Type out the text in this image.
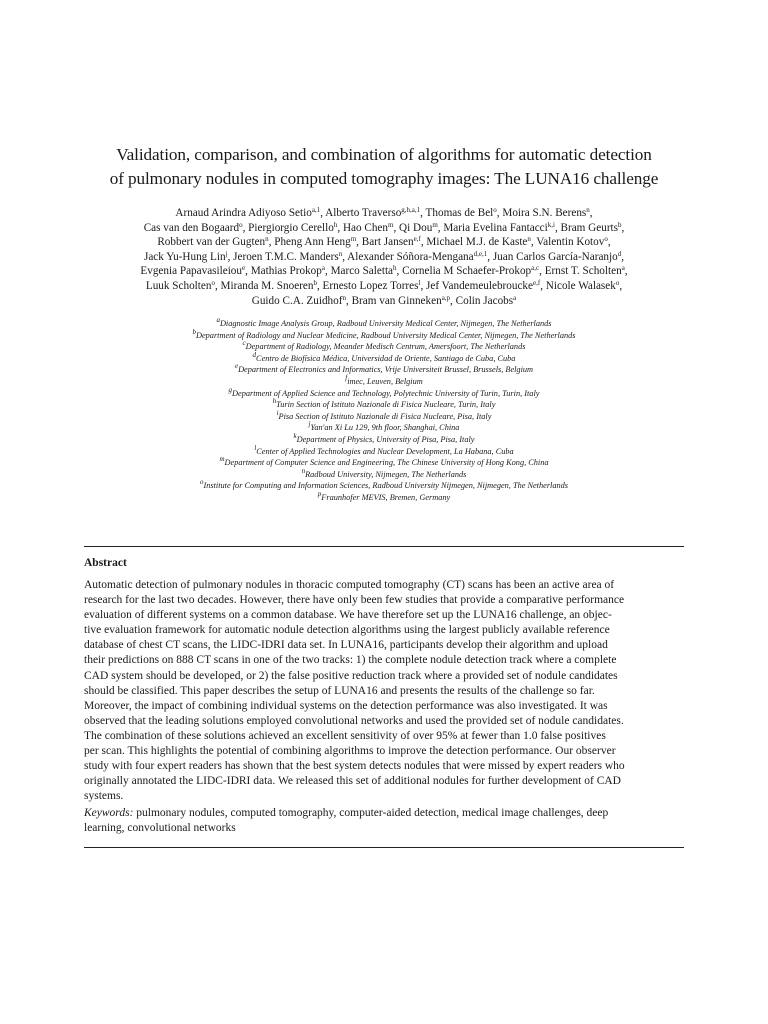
Validation, comparison, and combination of algorithms for automatic detection
of pulmonary nodules in computed tomography images: The LUNA16 challenge
Arnaud Arindra Adiyoso Setio$^{a,1}$, Alberto Traverso$^{g,h,a,1}$, Thomas de Bel$^o$, Moira S.N. Berens$^n$,
Cas van den Bogaard$^o$, Piergiorgio Cerello$^h$, Hao Chen$^m$, Qi Dou$^m$, Maria Evelina Fantacci$^{k,i}$, Bram Geurts$^b$,
Robbert van der Gugten$^n$, Pheng Ann Heng$^m$, Bart Jansen$^{e,f}$, Michael M.J. de Kaste$^n$, Valentin Kotov$^o$,
Jack Yu-Hung Lin$^j$, Jeroen T.M.C. Manders$^n$, Alexander Sóñora-Mengana$^{d,e,1}$, Juan Carlos García-Naranjo$^d$,
Evgenia Papavasileiou$^e$, Mathias Prokop$^a$, Marco Saletta$^h$, Cornelia M Schaefer-Prokop$^{a,c}$, Ernst T. Scholten$^a$,
Luuk Scholten$^o$, Miranda M. Snoeren$^b$, Ernesto Lopez Torres$^l$, Jef Vandemeulebroucke$^{e,f}$, Nicole Walasek$^o$,
Guido C.A. Zuidhof$^n$, Bram van Ginneken$^{a,p}$, Colin Jacobs$^a$
$^a$Diagnostic Image Analysis Group, Radboud University Medical Center, Nijmegen, The Netherlands
$^b$Department of Radiology and Nuclear Medicine, Radboud University Medical Center, Nijmegen, The Netherlands
$^c$Department of Radiology, Meander Medisch Centrum, Amersfoort, The Netherlands
$^d$Centro de Biofísica Médica, Universidad de Oriente, Santiago de Cuba, Cuba
$^e$Department of Electronics and Informatics, Vrije Universiteit Brussel, Brussels, Belgium
$^f$imec, Leuven, Belgium
$^g$Department of Applied Science and Technology, Polytechnic University of Turin, Turin, Italy
$^h$Turin Section of Istituto Nazionale di Fisica Nucleare, Turin, Italy
$^i$Pisa Section of Istituto Nazionale di Fisica Nucleare, Pisa, Italy
$^j$Yan'an Xi Lu 129, 9th floor, Shanghai, China
$^k$Department of Physics, University of Pisa, Pisa, Italy
$^l$Center of Applied Technologies and Nuclear Development, La Habana, Cuba
$^m$Department of Computer Science and Engineering, The Chinese University of Hong Kong, China
$^n$Radboud University, Nijmegen, The Netherlands
$^o$Institute for Computing and Information Sciences, Radboud University Nijmegen, Nijmegen, The Netherlands
$^p$Fraunhofer MEVIS, Bremen, Germany
Abstract
Automatic detection of pulmonary nodules in thoracic computed tomography (CT) scans has been an active area of
research for the last two decades. However, there have only been few studies that provide a comparative performance
evaluation of different systems on a common database. We have therefore set up the LUNA16 challenge, an objec-
tive evaluation framework for automatic nodule detection algorithms using the largest publicly available reference
database of chest CT scans, the LIDC-IDRI data set. In LUNA16, participants develop their algorithm and upload
their predictions on 888 CT scans in one of the two tracks: 1) the complete nodule detection track where a complete
CAD system should be developed, or 2) the false positive reduction track where a provided set of nodule candidates
should be classified. This paper describes the setup of LUNA16 and presents the results of the challenge so far.
Moreover, the impact of combining individual systems on the detection performance was also investigated. It was
observed that the leading solutions employed convolutional networks and used the provided set of nodule candidates.
The combination of these solutions achieved an excellent sensitivity of over 95% at fewer than 1.0 false positives
per scan. This highlights the potential of combining algorithms to improve the detection performance. Our observer
study with four expert readers has shown that the best system detects nodules that were missed by expert readers who
originally annotated the LIDC-IDRI data. We released this set of additional nodules for further development of CAD
systems.
Keywords: pulmonary nodules, computed tomography, computer-aided detection, medical image challenges, deep
learning, convolutional networks
